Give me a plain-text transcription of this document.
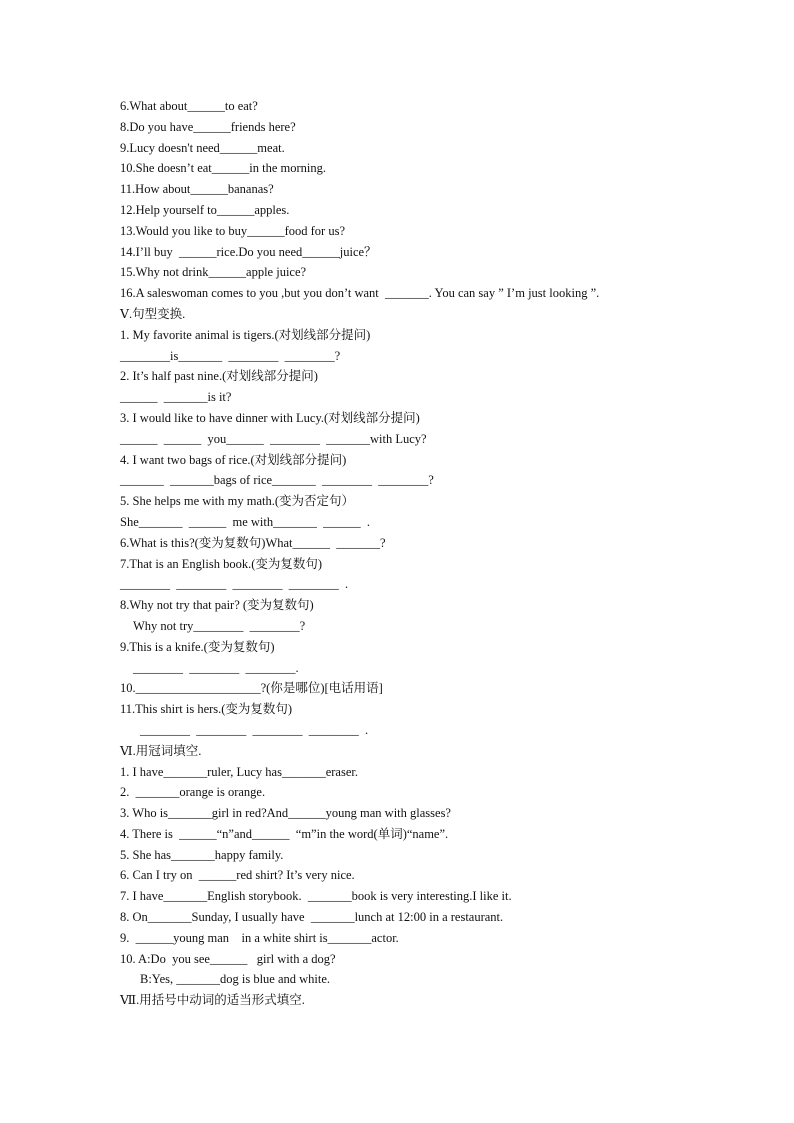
6.What about______to eat?
8.Do you have______friends here?
9.Lucy doesn't need______meat.
10.She doesn’t eat______in the morning.
11.How about______bananas?
12.Help yourself to______apples.
13.Would you like to buy______food for us?
14.I’ll buy  ______rice.Do you need______juice？
15.Why not drink______apple juice?
16.A saleswoman comes to you ,but you don’t want  _______. You can say ” I’m just looking ”.
Ⅴ.句型变换.
1. My favorite animal is tigers.(对划线部分提问)
________is_______  ________  ________?
2. It’s half past nine.(对划线部分提问)
______  _______is it?
3. I would like to have dinner with Lucy.(对划线部分提问)
______  ______  you______  ________  _______with Lucy?
4. I want two bags of rice.(对划线部分提问)
_______  _______bags of rice_______  ________  ________?
5. She helps me with my math.(变为否定句）
She_______  ______  me with_______  ______  .
6.What is this?(变为复数句)What______  _______?
7.That is an English book.(变为复数句)
________  ________  ________  ________  .
8.Why not try that pair? (变为复数句)
Why not try________  ________?
9.This is a knife.(变为复数句)
________  ________  ________.
10.____________________?(你是哪位)[电话用语]
11.This shirt is hers.(变为复数句)
________  ________  ________  ________  .
Ⅵ.用冠词填空.
1. I have_______ruler, Lucy has_______eraser.
2.  _______orange is orange.
3. Who is_______girl in red?And______young man with glasses?
4. There is  ______“n”and______  “m”in the word(单词)“name”.
5. She has_______happy family.
6. Can I try on  ______red shirt? It’s very nice.
7. I have_______English storybook.  _______book is very interesting.I like it.
8. On_______Sunday, I usually have  _______lunch at 12:00 in a restaurant.
9.  ______young man    in a white shirt is_______actor.
10. A:Do  you see______   girl with a dog?
B:Yes, _______dog is blue and white.
Ⅶ.用括号中动词的适当形式填空.
